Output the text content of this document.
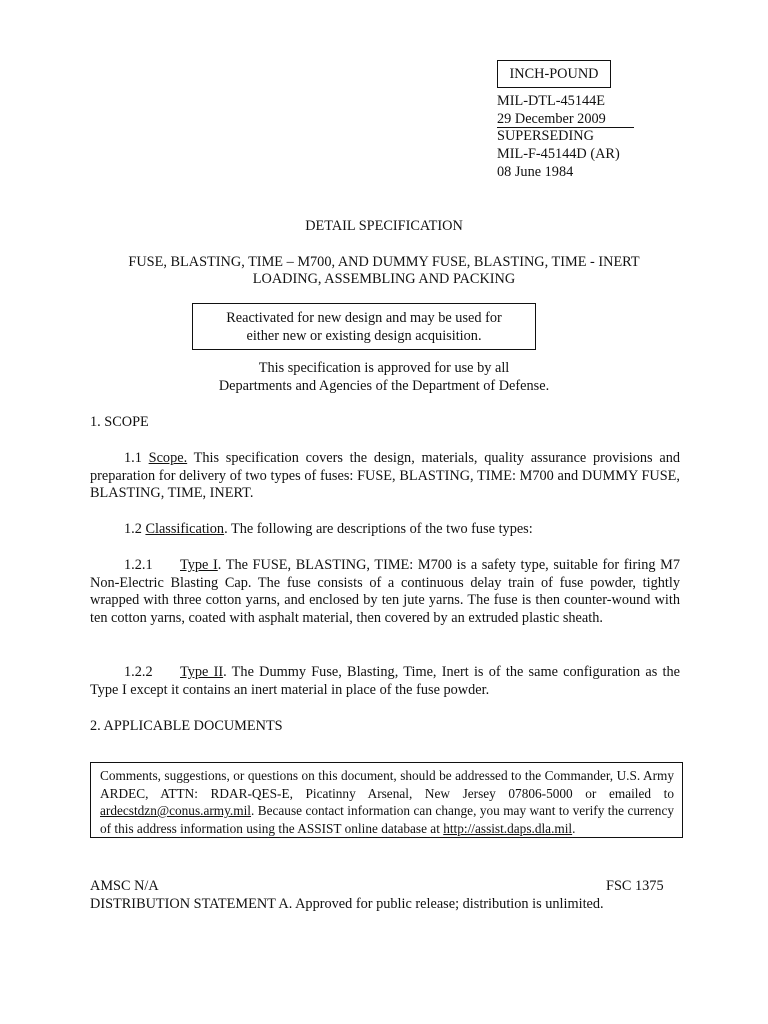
INCH-POUND
MIL-DTL-45144E
29 December 2009
SUPERSEDING
MIL-F-45144D (AR)
08 June 1984
DETAIL SPECIFICATION
FUSE, BLASTING, TIME – M700, AND DUMMY FUSE, BLASTING, TIME - INERT
LOADING, ASSEMBLING AND PACKING
Reactivated for new design and may be used for
either new or existing design acquisition.
This specification is approved for use by all
Departments and Agencies of the Department of Defense.
1. SCOPE
1.1 Scope. This specification covers the design, materials, quality assurance provisions and preparation for delivery of two types of fuses: FUSE, BLASTING, TIME: M700 and DUMMY FUSE, BLASTING, TIME, INERT.
1.2 Classification. The following are descriptions of the two fuse types:
1.2.1 Type I. The FUSE, BLASTING, TIME: M700 is a safety type, suitable for firing M7 Non-Electric Blasting Cap. The fuse consists of a continuous delay train of fuse powder, tightly wrapped with three cotton yarns, and enclosed by ten jute yarns. The fuse is then counter-wound with ten cotton yarns, coated with asphalt material, then covered by an extruded plastic sheath.
1.2.2 Type II. The Dummy Fuse, Blasting, Time, Inert is of the same configuration as the Type I except it contains an inert material in place of the fuse powder.
2. APPLICABLE DOCUMENTS
Comments, suggestions, or questions on this document, should be addressed to the Commander, U.S. Army ARDEC, ATTN: RDAR-QES-E, Picatinny Arsenal, New Jersey 07806-5000 or emailed to ardecstdzn@conus.army.mil. Because contact information can change, you may want to verify the currency of this address information using the ASSIST online database at http://assist.daps.dla.mil.
AMSC N/A	FSC 1375
DISTRIBUTION STATEMENT A. Approved for public release; distribution is unlimited.
